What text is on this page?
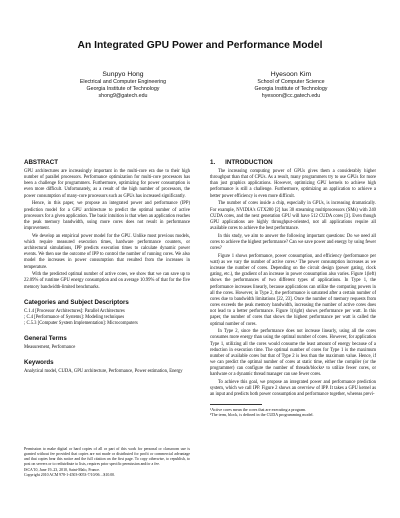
An Integrated GPU Power and Performance Model
Sunpyo Hong
Electrical and Computer Engineering
Georgia Institute of Technology
shong9@gatech.edu
Hyesoon Kim
School of Computer Science
Georgia Institute of Technology
hyesoon@cc.gatech.edu
ABSTRACT

GPU architectures are increasingly important in the multi-core era due to their high number of parallel processors. Performance optimization for multi-core processors has been a challenge for programmers. Furthermore, optimizing for power consumption is even more difficult. Unfortunately, as a result of the high number of processors, the power consumption of many-core processors such as GPUs has increased significantly.

Hence, in this paper, we propose an integrated power and performance (IPP) prediction model for a GPU architecture to predict the optimal number of active processors for a given application. The basic intuition is that when an application reaches the peak memory bandwidth, using more cores does not result in performance improvement.

We develop an empirical power model for the GPU. Unlike most previous models, which require measured execution times, hardware performance counters, or architectural simulations, IPP predicts execution times to calculate dynamic power events. We then use the outcome of IPP to control the number of running cores. We also model the increases in power consumption that resulted from the increases in temperature.

With the predicted optimal number of active cores, we show that we can save up to 22.09% of runtime GPU energy consumption and on average 10.99% of that for the five memory bandwidth-limited benchmarks.

Categories and Subject Descriptors

C.1.4 [Processor Architectures]: Parallel Architectures

; C.4 [Performance of Systems]: Modeling techniques

; C.5.3 [Computer System Implementation]: Microcomputers

General Terms

Measurement, Performance

Keywords

Analytical model, CUDA, GPU architecture, Performance, Power estimation, Energy

Permission to make digital or hard copies of all or part of this work for personal or classroom use is granted without fee provided that copies are not made or distributed for profit or commercial advantage and that copies bear this notice and the full citation on the first page. To copy otherwise, to republish, to post on servers or to redistribute to lists, requires prior specific permission and/or a fee.

ISCA'10, June 19–23, 2010, Saint-Malo, France.

Copyright 2010 ACM 978-1-4503-0053-7/10/06 ...$10.00.

1. INTRODUCTION

The increasing computing power of GPUs gives them a considerably higher throughput than that of CPUs. As a result, many programmers try to use GPUs for more than just graphics applications. However, optimizing GPU kernels to achieve high performance is still a challenge. Furthermore, optimizing an application to achieve a better power efficiency is even more difficult.

The number of cores inside a chip, especially in GPUs, is increasing dramatically. For example, NVIDIA's GTX280 [2] has 30 streaming multiprocessors (SMs) with 240 CUDA cores, and the next generation GPU will have 512 CUDA cores [3]. Even though GPU applications are highly throughput-oriented, not all applications require all available cores to achieve the best performance.

In this study, we aim to answer the following important questions: Do we need all cores to achieve the highest performance? Can we save power and energy by using fewer cores?

Figure 1 shows performance, power consumption, and efficiency (performance per watt) as we vary the number of active cores.¹ The power consumption increases as we increase the number of cores. Depending on the circuit design (power gating, clock gating, etc.), the gradient of an increase in power consumption also varies. Figure 1(left) shows the performances of two different types of applications. In Type 1, the performance increases linearly, because applications can utilize the computing powers in all the cores. However, in Type 2, the performance is saturated after a certain number of cores due to bandwidth limitations [22, 23]. Once the number of memory requests from cores exceeds the peak memory bandwidth, increasing the number of active cores does not lead to a better performance. Figure 1(right) shows performance per watt. In this paper, the number of cores that shows the highest performance per watt is called the optimal number of cores.

In Type 2, since the performance does not increase linearly, using all the cores consumes more energy than using the optimal number of cores. However, for application Type 1, utilizing all the cores would consume the least amount of energy because of a reduction in execution time. The optimal number of cores for Type 1 is the maximum number of available cores but that of Type 2 is less than the maximum value. Hence, if we can predict the optimal number of cores at static time, either the compiler (or the programmer) can configure the number of threads/blocks² to utilize fewer cores, or hardware or a dynamic thread manager can use fewer cores.

To achieve this goal, we propose an integrated power and performance prediction system, which we call IPP. Figure 2 shows an overview of IPP. It takes a GPU kernel as an input and predicts both power consumption and performance together, whereas previ-

¹Active cores mean the cores that are executing a program.

²The term, block, is defined in the CUDA programming model.
